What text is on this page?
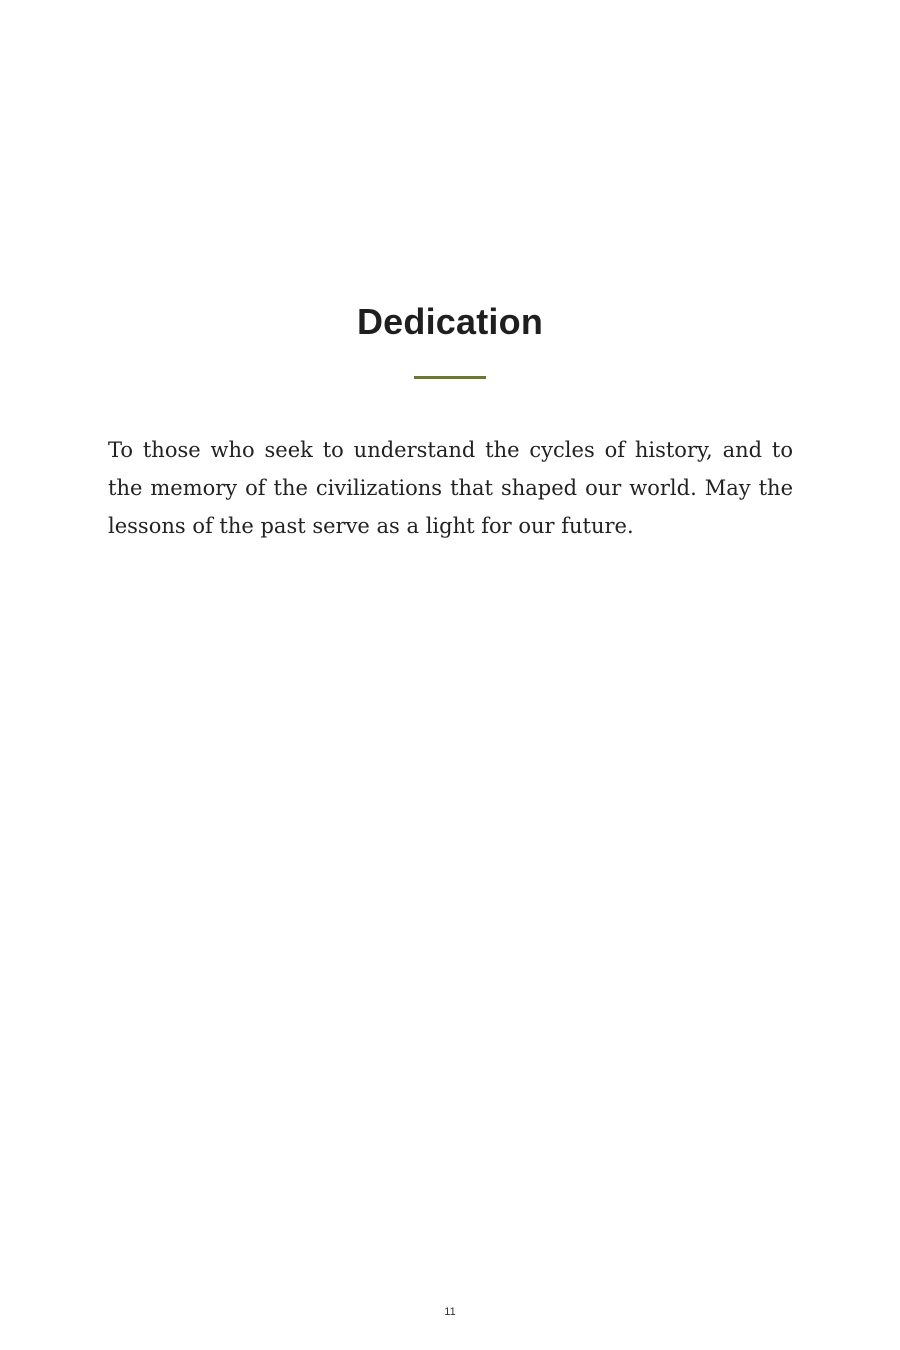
Dedication

To those who seek to understand the cycles of history, and to the memory of the civilizations that shaped our world. May the lessons of the past serve as a light for our future.

11
